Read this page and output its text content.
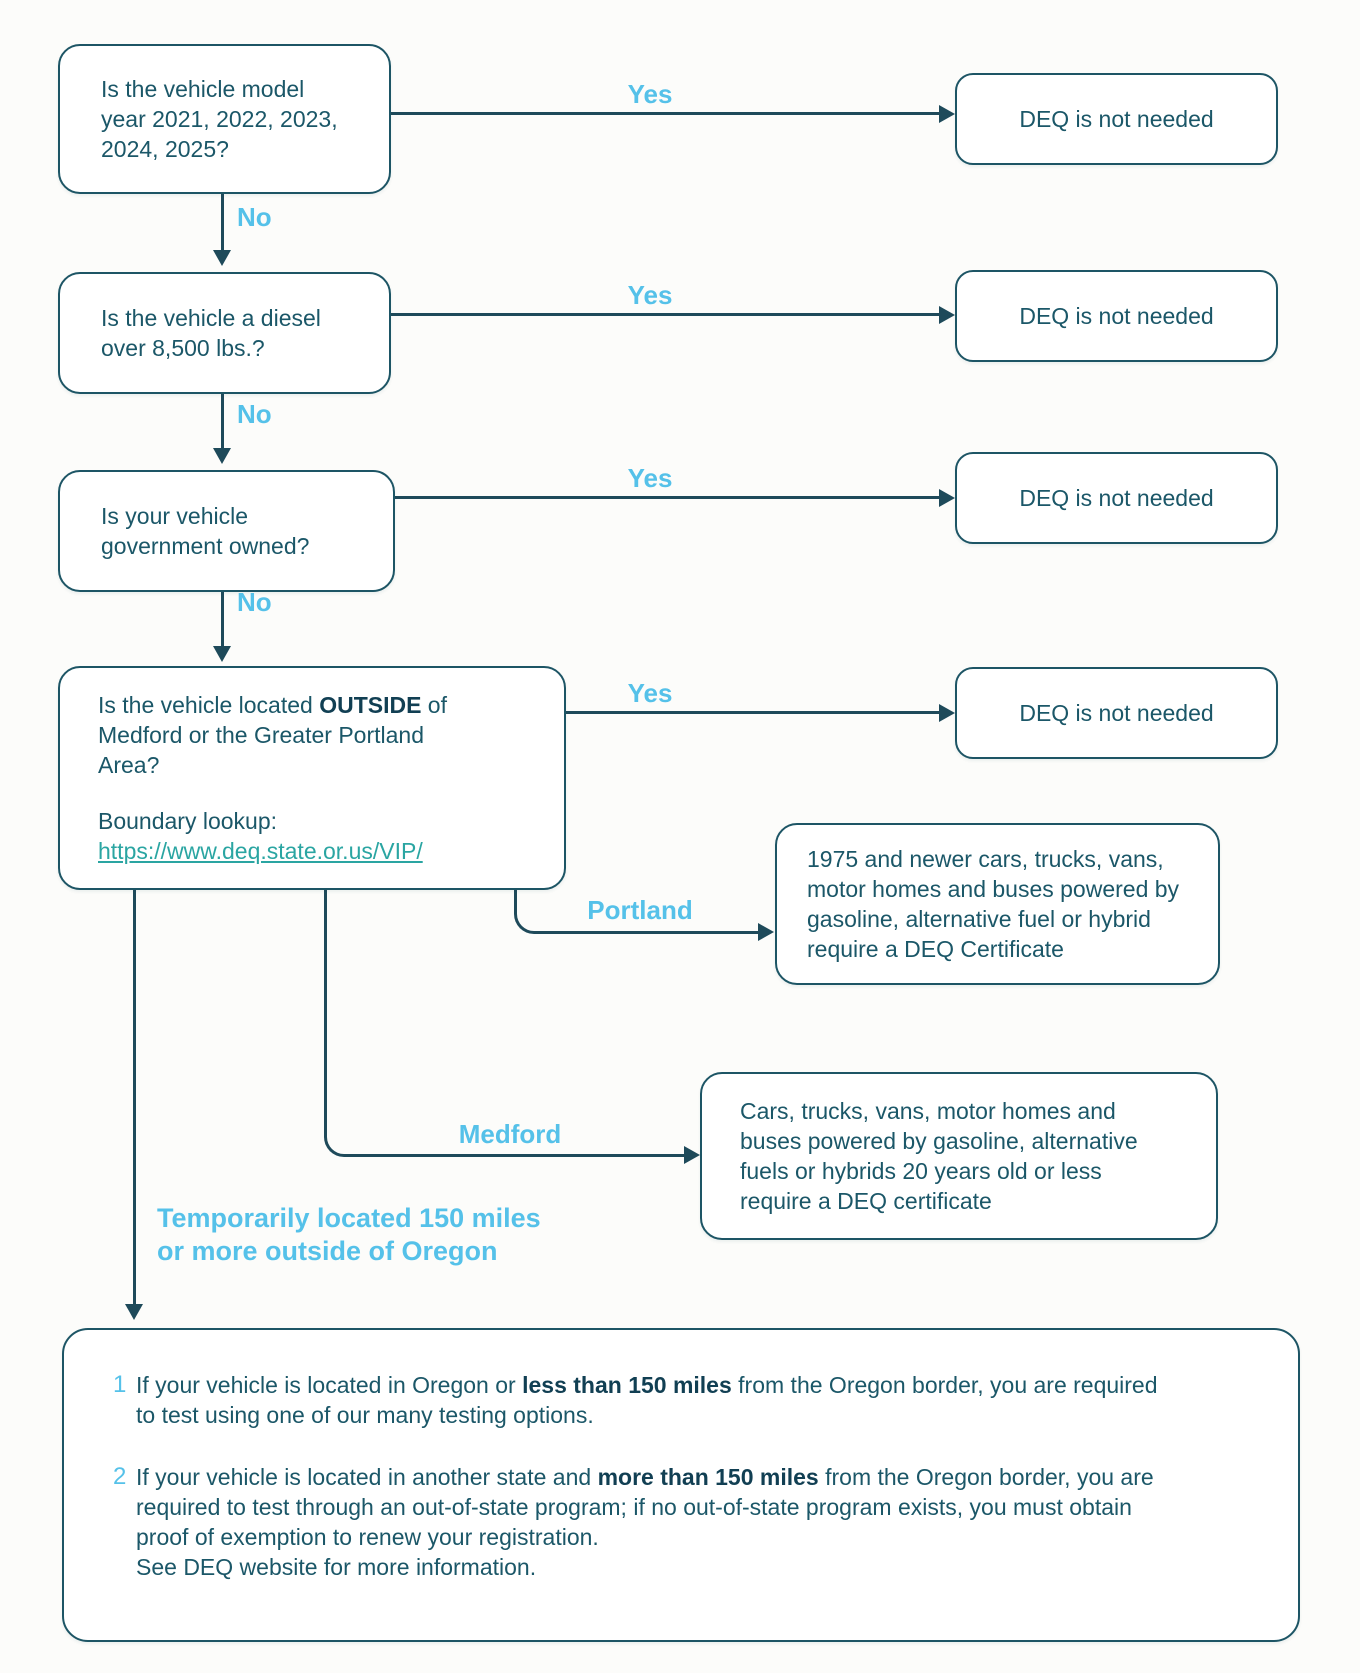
Is the vehicle model year 2021, 2022, 2023, 2024, 2025?

Is the vehicle a diesel over 8,500 lbs.?

Is your vehicle government owned?

Is the vehicle located OUTSIDE of Medford or the Greater Portland Area?

Boundary lookup:
https://www.deq.state.or.us/VIP/

DEQ is not needed
DEQ is not needed
DEQ is not needed
DEQ is not needed
Yes
Yes
Yes
Yes
No
No
No
Portland

1975 and newer cars, trucks, vans, motor homes and buses powered by gasoline, alternative fuel or hybrid require a DEQ Certificate

Medford

Cars, trucks, vans, motor homes and buses powered by gasoline, alternative fuels or hybrids 20 years old or less require a DEQ certificate

Temporarily located 150 miles or more outside of Oregon
1 If your vehicle is located in Oregon or less than 150 miles from the Oregon border, you are required to test using one of our many testing options.

2 If your vehicle is located in another state and more than 150 miles from the Oregon border, you are required to test through an out-of-state program; if no out-of-state program exists, you must obtain proof of exemption to renew your registration.
See DEQ website for more information.
